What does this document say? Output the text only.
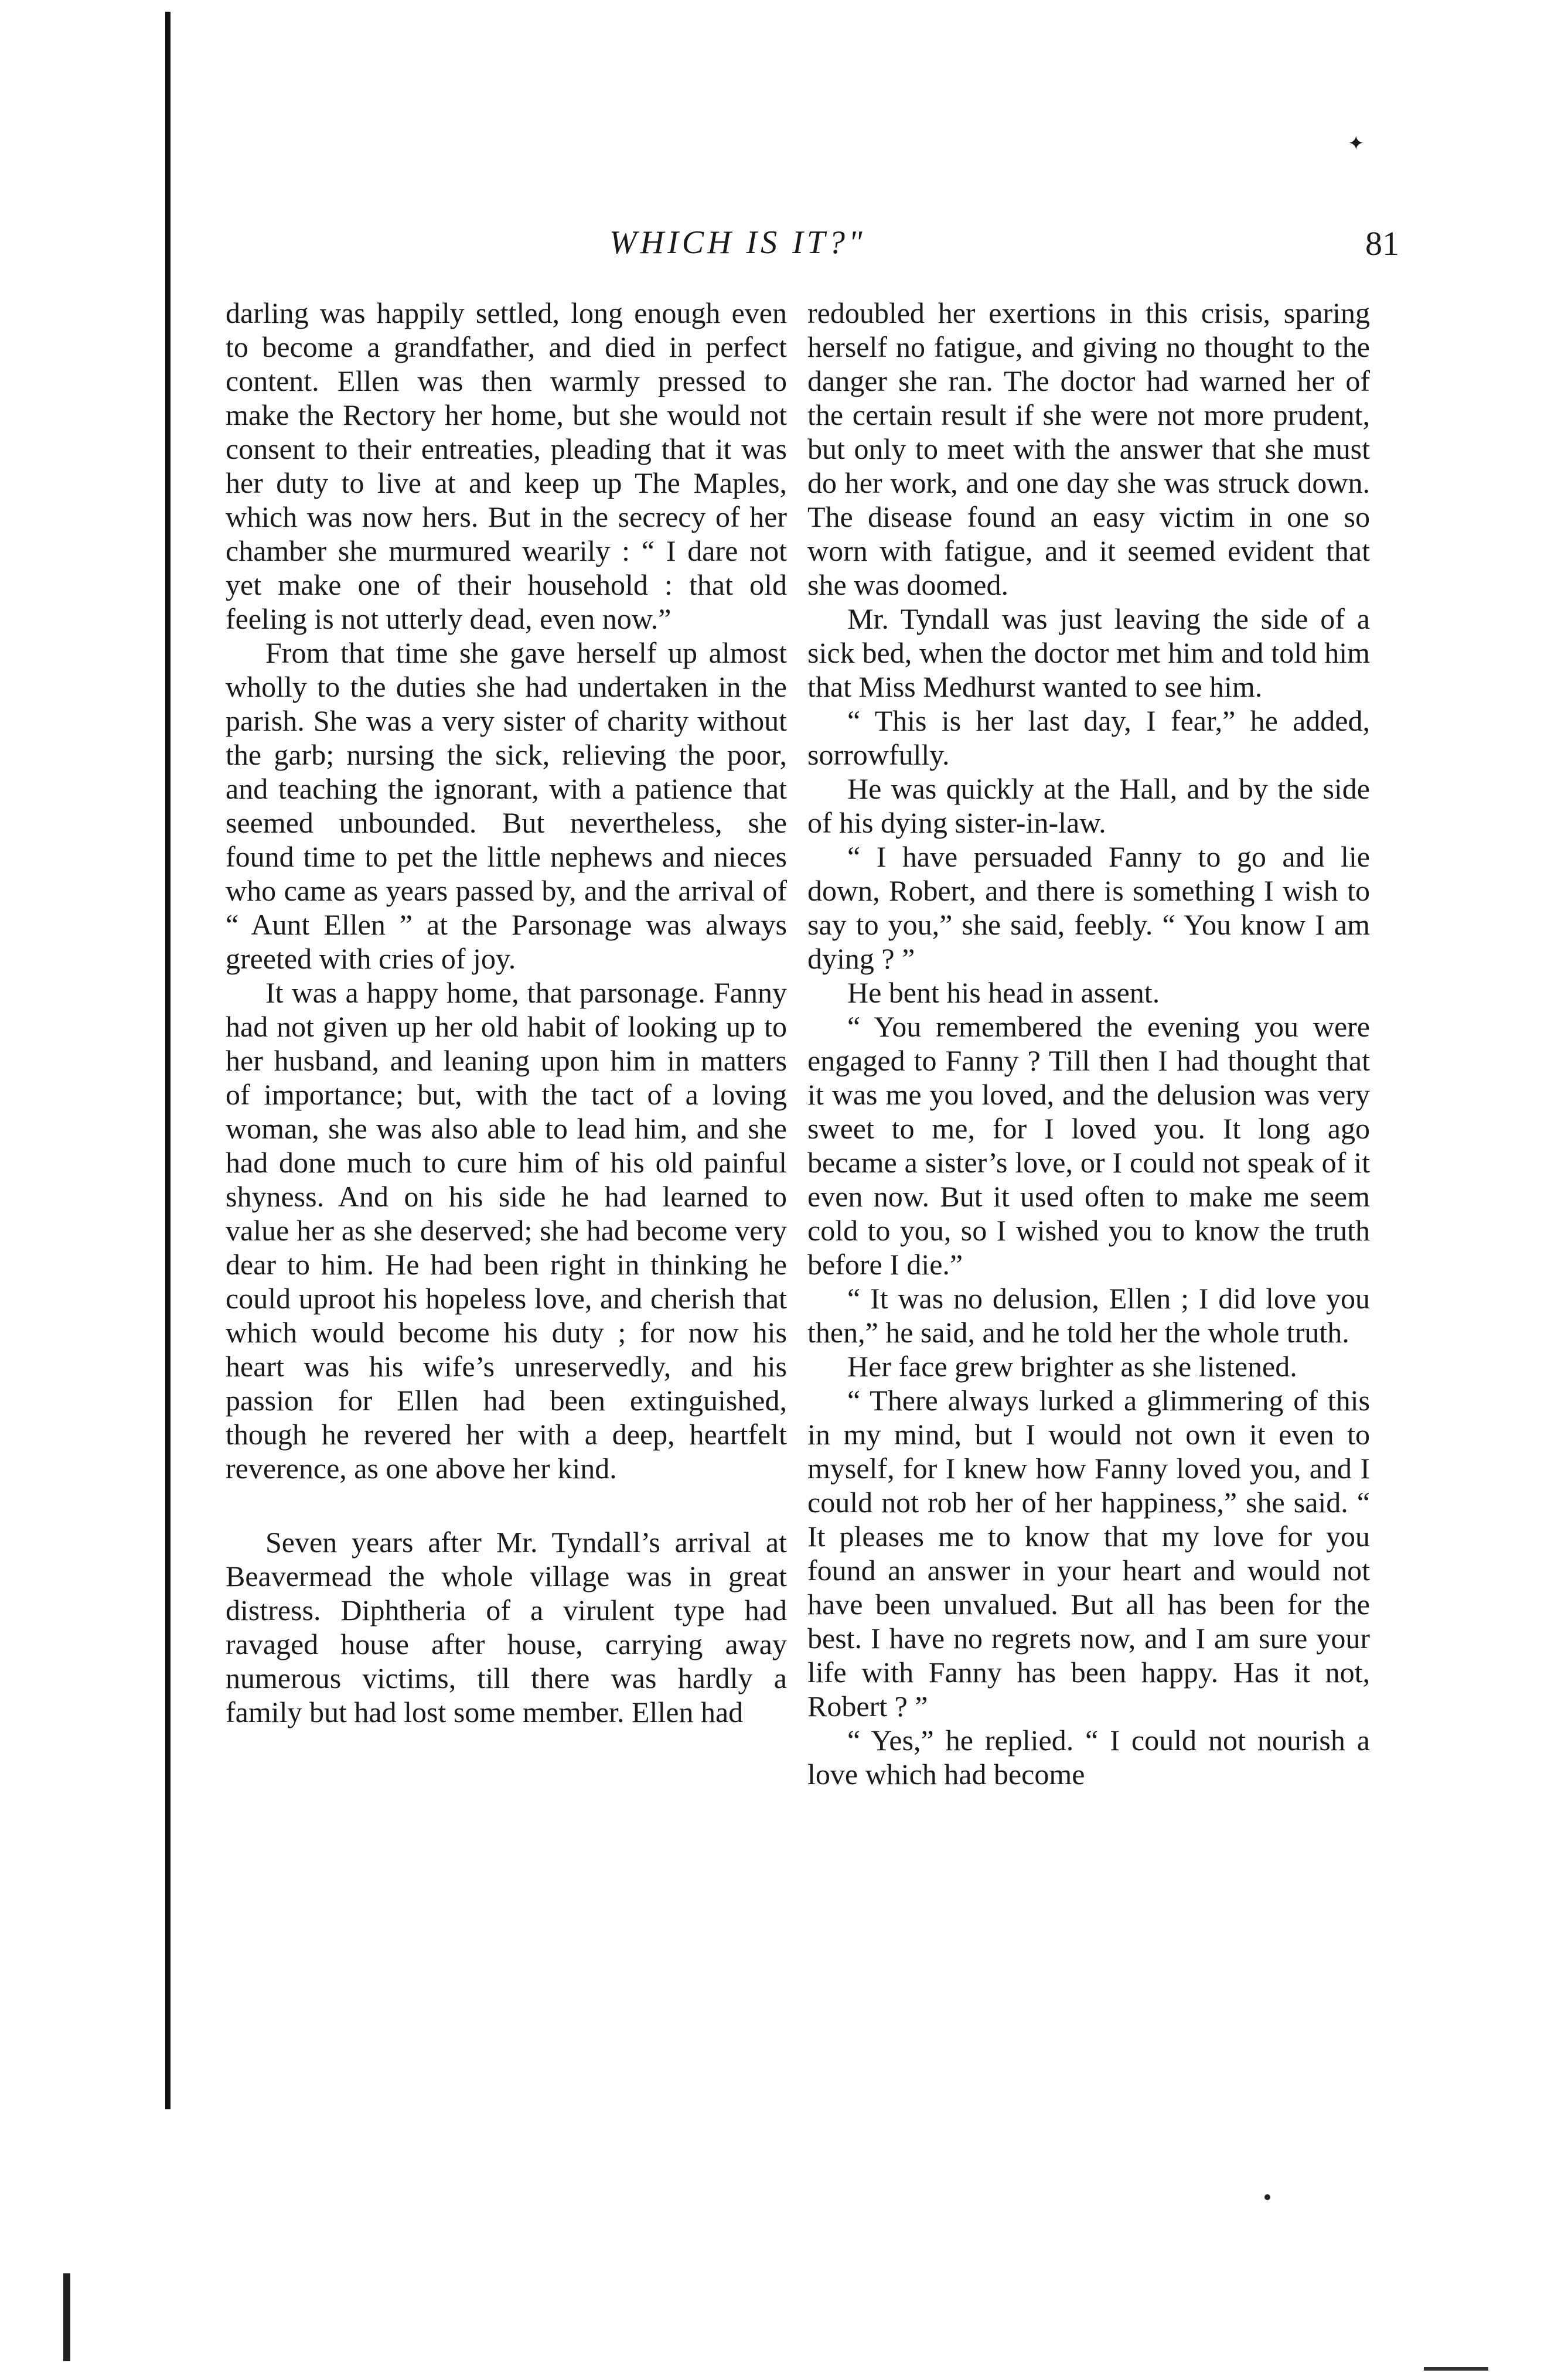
✦
WHICH IS IT?"	81

darling was happily settled, long enough even to become a grandfather, and died in perfect content. Ellen was then warmly pressed to make the Rectory her home, but she would not consent to their entreaties, pleading that it was her duty to live at and keep up The Maples, which was now hers. But in the secrecy of her chamber she murmured wearily : “ I dare not yet make one of their household : that old feeling is not utterly dead, even now.”

From that time she gave herself up almost wholly to the duties she had undertaken in the parish. She was a very sister of charity without the garb; nursing the sick, relieving the poor, and teaching the ignorant, with a patience that seemed unbounded. But nevertheless, she found time to pet the little nephews and nieces who came as years passed by, and the arrival of “ Aunt Ellen ” at the Parsonage was always greeted with cries of joy.

It was a happy home, that parsonage. Fanny had not given up her old habit of looking up to her husband, and leaning upon him in matters of importance; but, with the tact of a loving woman, she was also able to lead him, and she had done much to cure him of his old painful shyness. And on his side he had learned to value her as she deserved; she had become very dear to him. He had been right in thinking he could uproot his hopeless love, and cherish that which would become his duty ; for now his heart was his wife’s unreservedly, and his passion for Ellen had been extinguished, though he revered her with a deep, heartfelt reverence, as one above her kind.

Seven years after Mr. Tyndall’s arrival at Beavermead the whole village was in great distress. Diphtheria of a virulent type had ravaged house after house, carrying away numerous victims, till there was hardly a family but had lost some member. Ellen had

redoubled her exertions in this crisis, sparing herself no fatigue, and giving no thought to the danger she ran. The doctor had warned her of the certain result if she were not more prudent, but only to meet with the answer that she must do her work, and one day she was struck down. The disease found an easy victim in one so worn with fatigue, and it seemed evident that she was doomed.

Mr. Tyndall was just leaving the side of a sick bed, when the doctor met him and told him that Miss Medhurst wanted to see him.

“ This is her last day, I fear,” he added, sorrowfully.

He was quickly at the Hall, and by the side of his dying sister-in-law.

“ I have persuaded Fanny to go and lie down, Robert, and there is something I wish to say to you,” she said, feebly. “ You know I am dying ? ”

He bent his head in assent.

“ You remembered the evening you were engaged to Fanny ? Till then I had thought that it was me you loved, and the delusion was very sweet to me, for I loved you. It long ago became a sister’s love, or I could not speak of it even now. But it used often to make me seem cold to you, so I wished you to know the truth before I die.”

“ It was no delusion, Ellen ; I did love you then,” he said, and he told her the whole truth.

Her face grew brighter as she listened.

“ There always lurked a glimmering of this in my mind, but I would not own it even to myself, for I knew how Fanny loved you, and I could not rob her of her happiness,” she said. “ It pleases me to know that my love for you found an answer in your heart and would not have been unvalued. But all has been for the best. I have no regrets now, and I am sure your life with Fanny has been happy. Has it not, Robert ? ”

“ Yes,” he replied. “ I could not nourish a love which had become
